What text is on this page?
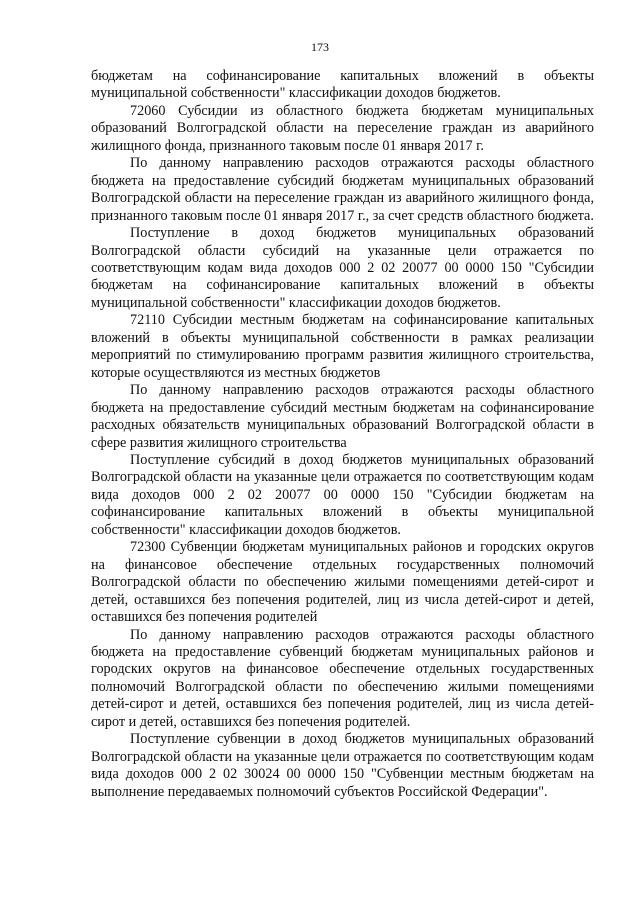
173

бюджетам на софинансирование капитальных вложений в объекты муниципальной собственности" классификации доходов бюджетов.

72060 Субсидии из областного бюджета бюджетам муниципальных образований Волгоградской области на переселение граждан из аварийного жилищного фонда, признанного таковым после 01 января 2017 г.

По данному направлению расходов отражаются расходы областного бюджета на предоставление субсидий бюджетам муниципальных образований Волгоградской области на переселение граждан из аварийного жилищного фонда, признанного таковым после 01 января 2017 г., за счет средств областного бюджета.

Поступление в доход бюджетов муниципальных образований Волгоградской области субсидий на указанные цели отражается по соответствующим кодам вида доходов 000 2 02 20077 00 0000 150 "Субсидии бюджетам на софинансирование капитальных вложений в объекты муниципальной собственности" классификации доходов бюджетов.

72110 Субсидии местным бюджетам на софинансирование капитальных вложений в объекты муниципальной собственности в рамках реализации мероприятий по стимулированию программ развития жилищного строительства, которые осуществляются из местных бюджетов

По данному направлению расходов отражаются расходы областного бюджета на предоставление субсидий местным бюджетам на софинансирование расходных обязательств муниципальных образований Волгоградской области в сфере развития жилищного строительства

Поступление субсидий в доход бюджетов муниципальных образований Волгоградской области на указанные цели отражается по соответствующим кодам вида доходов 000 2 02 20077 00 0000 150 "Субсидии бюджетам на софинансирование капитальных вложений в объекты муниципальной собственности" классификации доходов бюджетов.

72300 Субвенции бюджетам муниципальных районов и городских округов на финансовое обеспечение отдельных государственных полномочий Волгоградской области по обеспечению жилыми помещениями детей-сирот и детей, оставшихся без попечения родителей, лиц из числа детей-сирот и детей, оставшихся без попечения родителей

По данному направлению расходов отражаются расходы областного бюджета на предоставление субвенций бюджетам муниципальных районов и городских округов на финансовое обеспечение отдельных государственных полномочий Волгоградской области по обеспечению жилыми помещениями детей-сирот и детей, оставшихся без попечения родителей, лиц из числа детей-сирот и детей, оставшихся без попечения родителей.

Поступление субвенции в доход бюджетов муниципальных образований Волгоградской области на указанные цели отражается по соответствующим кодам вида доходов 000 2 02 30024 00 0000 150 "Субвенции местным бюджетам на выполнение передаваемых полномочий субъектов Российской Федерации".
